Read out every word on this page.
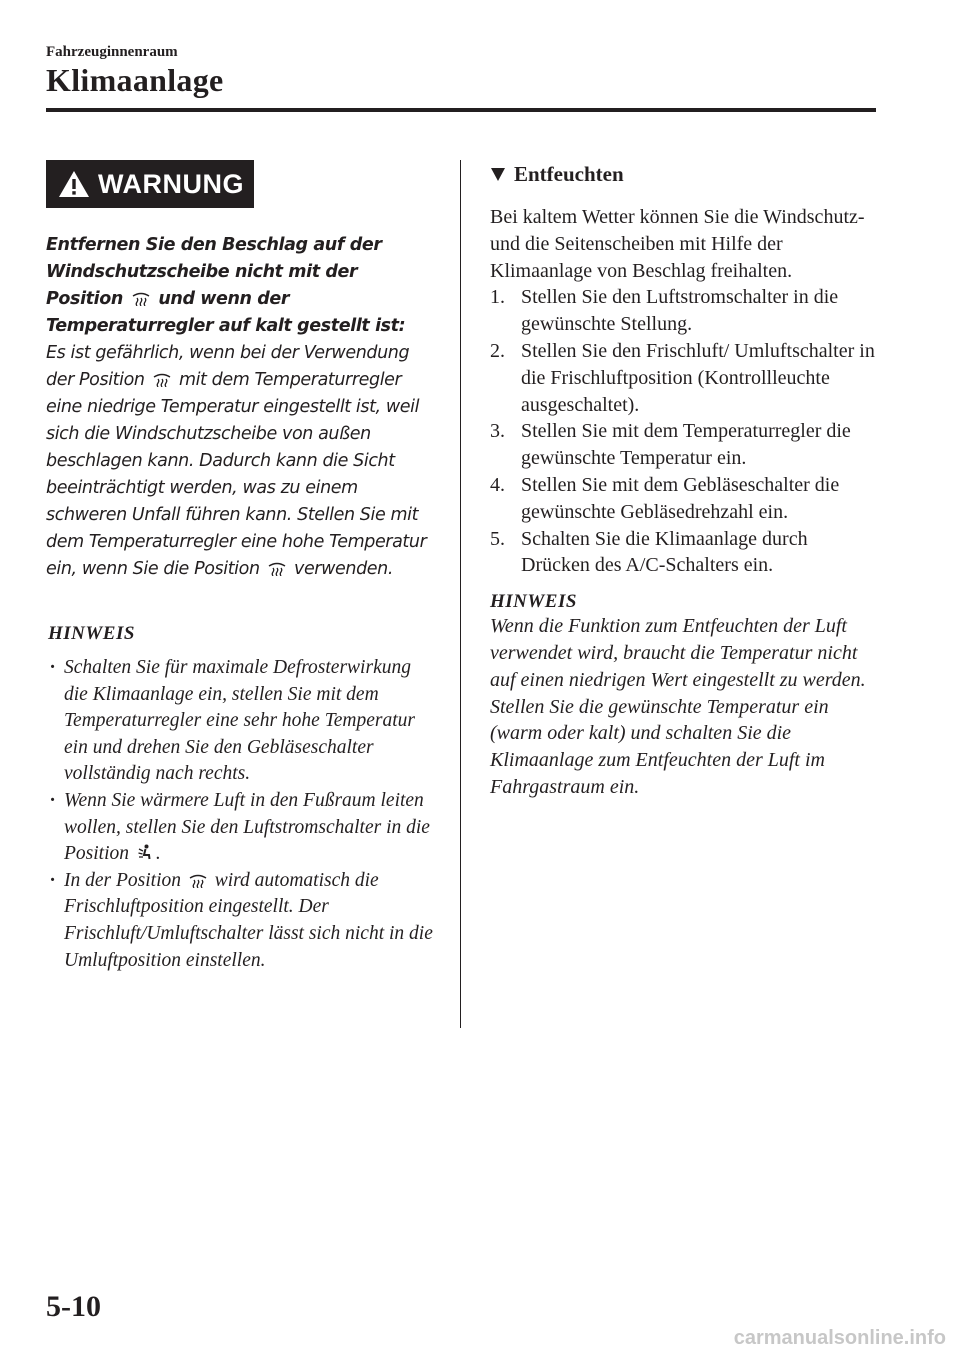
Fahrzeuginnenraum
Klimaanlage
WARNUNG
Entfernen Sie den Beschlag auf der Windschutzscheibe nicht mit der Position und wenn der Temperaturregler auf kalt gestellt ist:
Es ist gefährlich, wenn bei der Verwendung der Position mit dem Temperaturregler eine niedrige Temperatur eingestellt ist, weil sich die Windschutzscheibe von außen beschlagen kann. Dadurch kann die Sicht beeinträchtigt werden, was zu einem schweren Unfall führen kann. Stellen Sie mit dem Temperaturregler eine hohe Temperatur ein, wenn Sie die Position verwenden.
HINWEIS
· Schalten Sie für maximale Defrosterwirkung die Klimaanlage ein, stellen Sie mit dem Temperaturregler eine sehr hohe Temperatur ein und drehen Sie den Gebläseschalter vollständig nach rechts.
· Wenn Sie wärmere Luft in den Fußraum leiten wollen, stellen Sie den Luftstromschalter in die Position .
· In der Position wird automatisch die Frischluftposition eingestellt. Der Frischluft/Umluftschalter lässt sich nicht in die Umluftposition einstellen.
Entfeuchten
Bei kaltem Wetter können Sie die Windschutz- und die Seitenscheiben mit Hilfe der Klimaanlage von Beschlag freihalten.
1. Stellen Sie den Luftstromschalter in die gewünschte Stellung.
2. Stellen Sie den Frischluft/ Umluftschalter in die Frischluftposition (Kontrollleuchte ausgeschaltet).
3. Stellen Sie mit dem Temperaturregler die gewünschte Temperatur ein.
4. Stellen Sie mit dem Gebläseschalter die gewünschte Gebläsedrehzahl ein.
5. Schalten Sie die Klimaanlage durch Drücken des A/C-Schalters ein.
HINWEIS
Wenn die Funktion zum Entfeuchten der Luft verwendet wird, braucht die Temperatur nicht auf einen niedrigen Wert eingestellt zu werden. Stellen Sie die gewünschte Temperatur ein (warm oder kalt) und schalten Sie die Klimaanlage zum Entfeuchten der Luft im Fahrgastraum ein.
5-10
carmanualsonline.info
